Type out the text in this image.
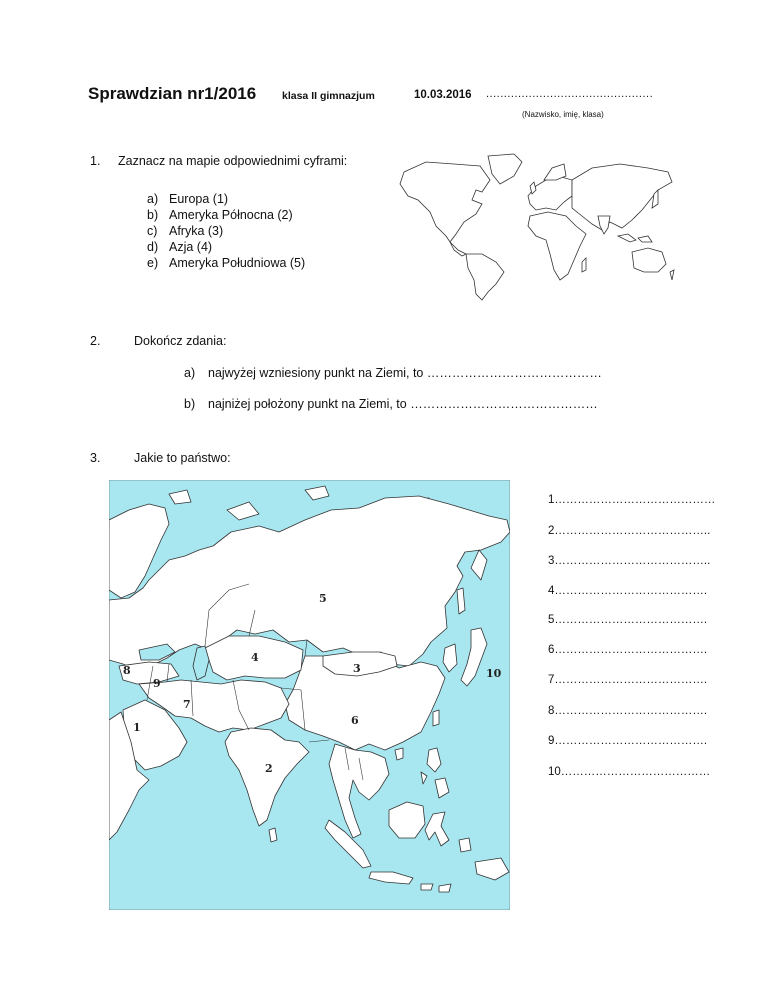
Sprawdzian nr1/2016 klasa II gimnazjum	10.03.2016 ...............................................
(Nazwisko, imię, klasa)
1. Zaznacz na mapie odpowiednimi cyframi:
a) Europa (1)
b) Ameryka Północna (2)
c) Afryka (3)
d) Azja (4)
e) Ameryka Południowa (5)
2.	Dokończ zdania:
a) najwyżej wzniesiony punkt na Ziemi, to ……………………………………
b) najniżej położony punkt na Ziemi, to ………………………………………
3.	Jakie to państwo:
5
4
3
8
9
10
7
6
1
2
1……………………………………
2…………………………………..
3…………………………………..
4………………………………….
5………………………………….
6………………………………….
7………………………………….
8………………………………….
9………………………………….
10…………………………………
